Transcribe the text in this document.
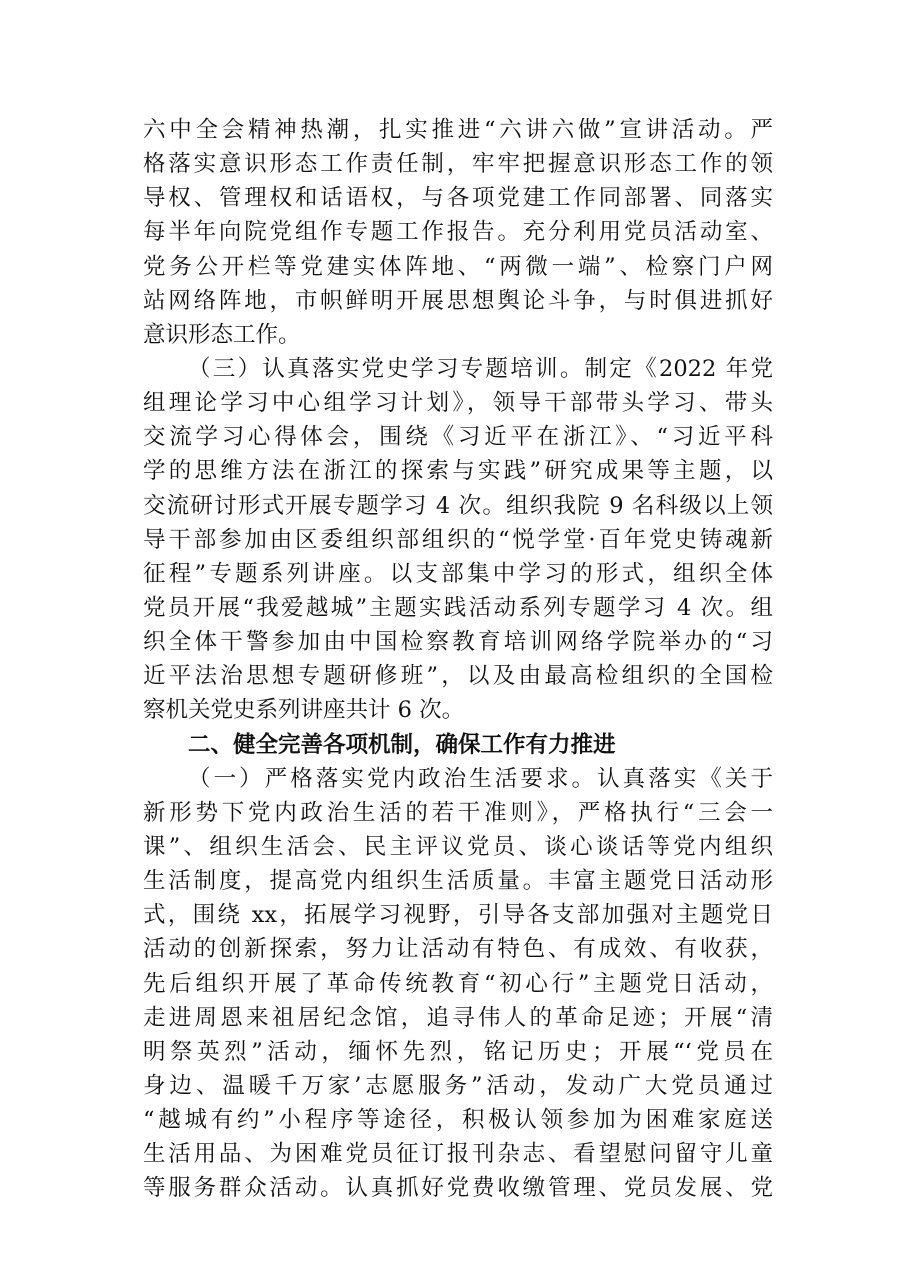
六中全会精神热潮，扎实推进“六讲六做”宣讲活动。严
格落实意识形态工作责任制，牢牢把握意识形态工作的领
导权、管理权和话语权，与各项党建工作同部署、同落实
每半年向院党组作专题工作报告。充分利用党员活动室、
党务公开栏等党建实体阵地、“两微一端”、检察门户网
站网络阵地，市帜鲜明开展思想舆论斗争，与时俱进抓好
意识形态工作。
（三）认真落实党史学习专题培训。制定《2022 年党
组理论学习中心组学习计划》，领导干部带头学习、带头
交流学习心得体会，围绕《习近平在浙江》、“习近平科
学的思维方法在浙江的探索与实践”研究成果等主题，以
交流研讨形式开展专题学习 4 次。组织我院 9 名科级以上领
导干部参加由区委组织部组织的“悦学堂·百年党史铸魂新
征程”专题系列讲座。以支部集中学习的形式，组织全体
党员开展“我爱越城”主题实践活动系列专题学习 4 次。组
织全体干警参加由中国检察教育培训网络学院举办的“习
近平法治思想专题研修班”，以及由最高检组织的全国检
察机关党史系列讲座共计 6 次。
二、健全完善各项机制，确保工作有力推进
（一）严格落实党内政治生活要求。认真落实《关于
新形势下党内政治生活的若干准则》，严格执行“三会一
课”、组织生活会、民主评议党员、谈心谈话等党内组织
生活制度，提高党内组织生活质量。丰富主题党日活动形
式，围绕 xx，拓展学习视野，引导各支部加强对主题党日
活动的创新探索，努力让活动有特色、有成效、有收获，
先后组织开展了革命传统教育“初心行”主题党日活动，
走进周恩来祖居纪念馆，追寻伟人的革命足迹；开展“清
明祭英烈”活动，缅怀先烈，铭记历史；开展“‘党员在
身边、温暖千万家’志愿服务”活动，发动广大党员通过
“越城有约”小程序等途径，积极认领参加为困难家庭送
生活用品、为困难党员征订报刊杂志、看望慰问留守儿童
等服务群众活动。认真抓好党费收缴管理、党员发展、党
